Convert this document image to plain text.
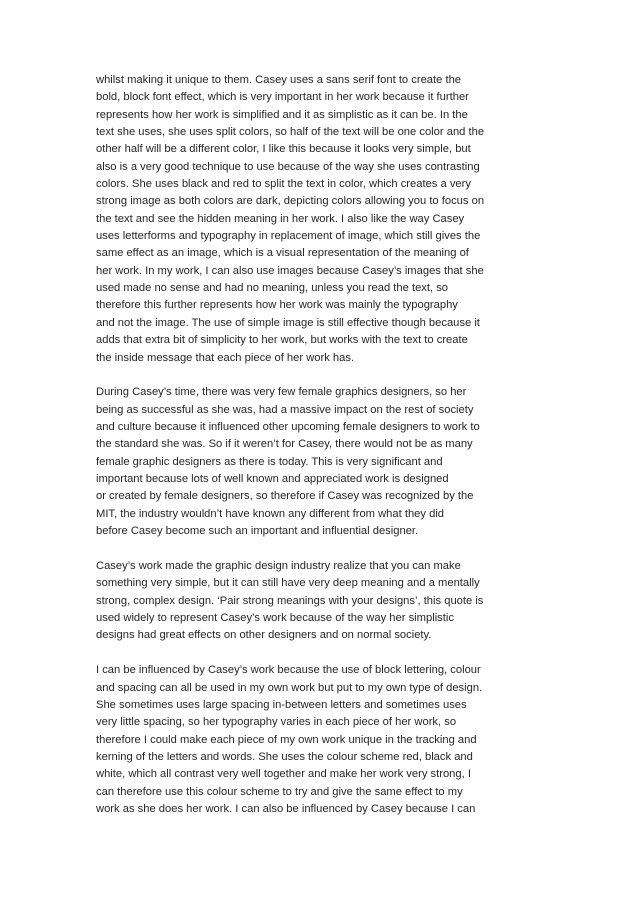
whilst making it unique to them. Casey uses a sans serif font to create the
bold, block font effect, which is very important in her work because it further
represents how her work is simplified and it as simplistic as it can be. In the
text she uses, she uses split colors, so half of the text will be one color and the
other half will be a different color, I like this because it looks very simple, but
also is a very good technique to use because of the way she uses contrasting
colors. She uses black and red to split the text in color, which creates a very
strong image as both colors are dark, depicting colors allowing you to focus on
the text and see the hidden meaning in her work. I also like the way Casey
uses letterforms and typography in replacement of image, which still gives the
same effect as an image, which is a visual representation of the meaning of
her work. In my work, I can also use images because Casey’s images that she
used made no sense and had no meaning, unless you read the text, so
therefore this further represents how her work was mainly the typography
and not the image. The use of simple image is still effective though because it
adds that extra bit of simplicity to her work, but works with the text to create
the inside message that each piece of her work has.

During Casey’s time, there was very few female graphics designers, so her
being as successful as she was, had a massive impact on the rest of society
and culture because it influenced other upcoming female designers to work to
the standard she was. So if it weren’t for Casey, there would not be as many
female graphic designers as there is today. This is very significant and
important because lots of well known and appreciated work is designed
or created by female designers, so therefore if Casey was recognized by the
MIT, the industry wouldn’t have known any different from what they did
before Casey become such an important and influential designer.

Casey’s work made the graphic design industry realize that you can make
something very simple, but it can still have very deep meaning and a mentally
strong, complex design. ‘Pair strong meanings with your designs’, this quote is
used widely to represent Casey’s work because of the way her simplistic
designs had great effects on other designers and on normal society.

I can be influenced by Casey’s work because the use of block lettering, colour
and spacing can all be used in my own work but put to my own type of design.
She sometimes uses large spacing in-between letters and sometimes uses
very little spacing, so her typography varies in each piece of her work, so
therefore I could make each piece of my own work unique in the tracking and
kerning of the letters and words. She uses the colour scheme red, black and
white, which all contrast very well together and make her work very strong, I
can therefore use this colour scheme to try and give the same effect to my
work as she does her work. I can also be influenced by Casey because I can
